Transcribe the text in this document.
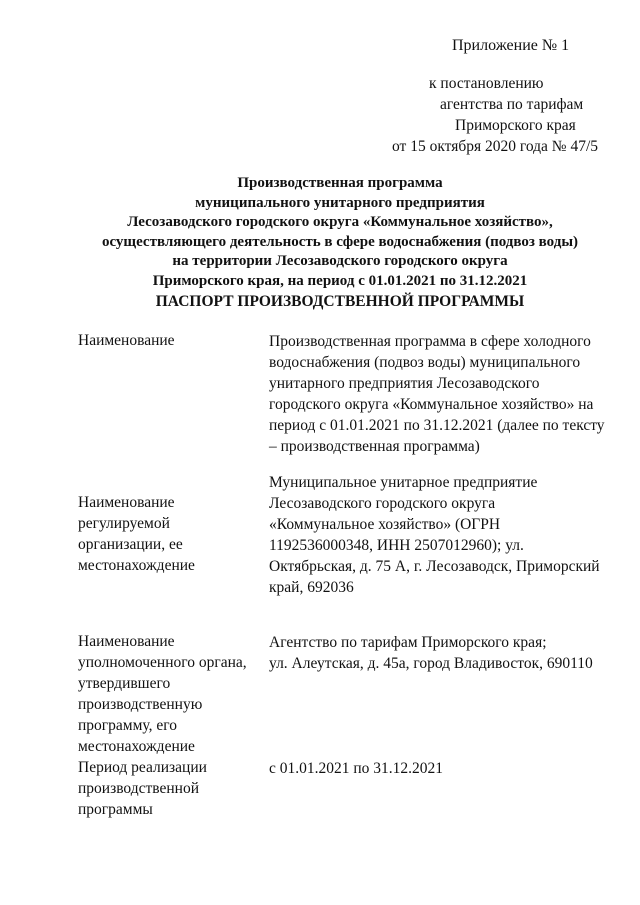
Приложение № 1
к постановлению
агентства по тарифам
Приморского края
от 15 октября 2020 года № 47/5
Производственная программа
муниципального унитарного предприятия
Лесозаводского городского округа «Коммунальное хозяйство»,
осуществляющего деятельность в сфере водоснабжения (подвоз воды)
на территории Лесозаводского городского округа
Приморского края, на период с 01.01.2021 по 31.12.2021
ПАСПОРТ ПРОИЗВОДСТВЕННОЙ ПРОГРАММЫ
Наименование	Производственная программа в сфере холодного
водоснабжения (подвоз воды) муниципального
унитарного предприятия Лесозаводского
городского округа «Коммунальное хозяйство» на
период с 01.01.2021 по 31.12.2021 (далее по тексту
– производственная программа)
Муниципальное унитарное предприятие
Лесозаводского городского округа
«Коммунальное хозяйство» (ОГРН
1192536000348, ИНН 2507012960); ул.
Октябрьская, д. 75 А, г. Лесозаводск, Приморский
край, 692036
Наименование
регулируемой
организации, ее
местонахождение
Наименование
уполномоченного органа,
утвердившего
производственную
программу, его
местонахождение
Агентство по тарифам Приморского края;
ул. Алеутская, д. 45а, город Владивосток, 690110
Период реализации
производственной
программы
с 01.01.2021 по 31.12.2021
